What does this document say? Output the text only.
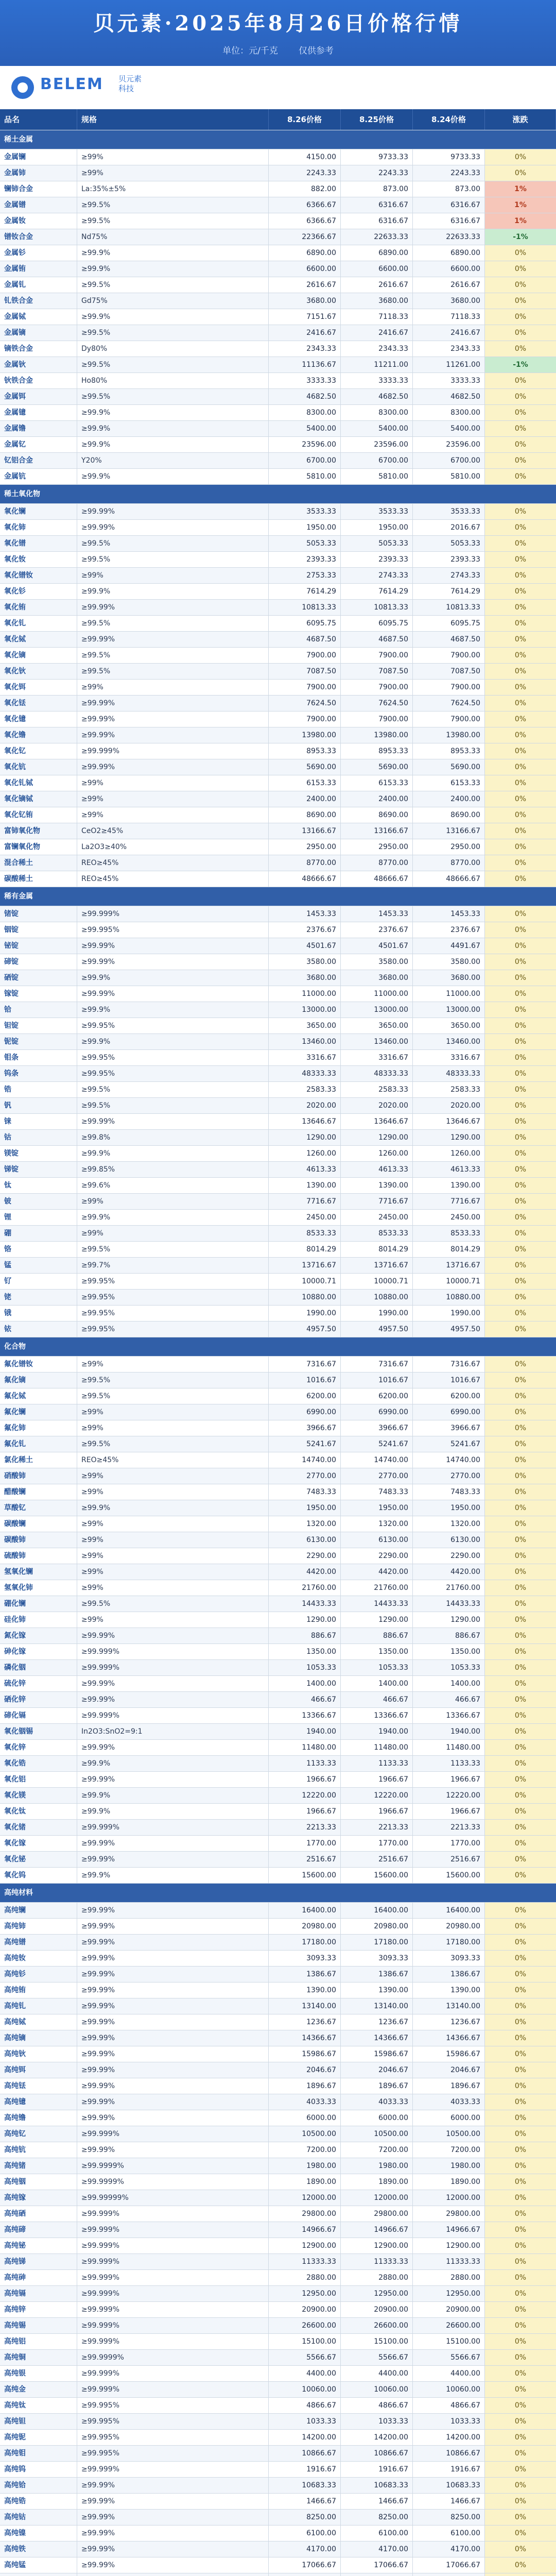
贝元素·2025年8月26日价格行情
单位：元/千克 仅供参考
BELEM 贝元素
科技
品名	规格	8.26价格	8.25价格	8.24价格	涨跌
稀土金属
金属镧	≥99%	4150.00	9733.33	9733.33	0%
金属铈	≥99%	2243.33	2243.33	2243.33	0%
镧铈合金	La:35%±5%	882.00	873.00	873.00	1%
金属镨	≥99.5%	6366.67	6316.67	6316.67	1%
金属钕	≥99.5%	6366.67	6316.67	6316.67	1%
镨钕合金	Nd75%	22366.67	22633.33	22633.33	-1%
金属钐	≥99.9%	6890.00	6890.00	6890.00	0%
金属铕	≥99.9%	6600.00	6600.00	6600.00	0%
金属钆	≥99.5%	2616.67	2616.67	2616.67	0%
钆铁合金	Gd75%	3680.00	3680.00	3680.00	0%
金属铽	≥99.9%	7151.67	7118.33	7118.33	0%
金属镝	≥99.5%	2416.67	2416.67	2416.67	0%
镝铁合金	Dy80%	2343.33	2343.33	2343.33	0%
金属钬	≥99.5%	11136.67	11211.00	11261.00	-1%
钬铁合金	Ho80%	3333.33	3333.33	3333.33	0%
金属铒	≥99.5%	4682.50	4682.50	4682.50	0%
金属镱	≥99.9%	8300.00	8300.00	8300.00	0%
金属镥	≥99.9%	5400.00	5400.00	5400.00	0%
金属钇	≥99.9%	23596.00	23596.00	23596.00	0%
钇铝合金	Y20%	6700.00	6700.00	6700.00	0%
金属钪	≥99.9%	5810.00	5810.00	5810.00	0%
稀土氧化物
氧化镧	≥99.99%	3533.33	3533.33	3533.33	0%
氧化铈	≥99.99%	1950.00	1950.00	2016.67	0%
氧化镨	≥99.5%	5053.33	5053.33	5053.33	0%
氧化钕	≥99.5%	2393.33	2393.33	2393.33	0%
氧化镨钕	≥99%	2753.33	2743.33	2743.33	0%
氧化钐	≥99.9%	7614.29	7614.29	7614.29	0%
氧化铕	≥99.99%	10813.33	10813.33	10813.33	0%
氧化钆	≥99.5%	6095.75	6095.75	6095.75	0%
氧化铽	≥99.99%	4687.50	4687.50	4687.50	0%
氧化镝	≥99.5%	7900.00	7900.00	7900.00	0%
氧化钬	≥99.5%	7087.50	7087.50	7087.50	0%
氧化铒	≥99%	7900.00	7900.00	7900.00	0%
氧化铥	≥99.99%	7624.50	7624.50	7624.50	0%
氧化镱	≥99.99%	7900.00	7900.00	7900.00	0%
氧化镥	≥99.99%	13980.00	13980.00	13980.00	0%
氧化钇	≥99.999%	8953.33	8953.33	8953.33	0%
氧化钪	≥99.99%	5690.00	5690.00	5690.00	0%
氧化钆铽	≥99%	6153.33	6153.33	6153.33	0%
氧化镝铽	≥99%	2400.00	2400.00	2400.00	0%
氧化钇铕	≥99%	8690.00	8690.00	8690.00	0%
富铈氧化物	CeO2≥45%	13166.67	13166.67	13166.67	0%
富镧氧化物	La2O3≥40%	2950.00	2950.00	2950.00	0%
混合稀土	REO≥45%	8770.00	8770.00	8770.00	0%
碳酸稀土	REO≥45%	48666.67	48666.67	48666.67	0%
稀有金属
锗锭	≥99.999%	1453.33	1453.33	1453.33	0%
铟锭	≥99.995%	2376.67	2376.67	2376.67	0%
铋锭	≥99.99%	4501.67	4501.67	4491.67	0%
碲锭	≥99.99%	3580.00	3580.00	3580.00	0%
硒锭	≥99.9%	3680.00	3680.00	3680.00	0%
镓锭	≥99.99%	11000.00	11000.00	11000.00	0%
铪	≥99.9%	13000.00	13000.00	13000.00	0%
钽锭	≥99.95%	3650.00	3650.00	3650.00	0%
铌锭	≥99.9%	13460.00	13460.00	13460.00	0%
钼条	≥99.95%	3316.67	3316.67	3316.67	0%
钨条	≥99.95%	48333.33	48333.33	48333.33	0%
锆	≥99.5%	2583.33	2583.33	2583.33	0%
钒	≥99.5%	2020.00	2020.00	2020.00	0%
铼	≥99.99%	13646.67	13646.67	13646.67	0%
钴	≥99.8%	1290.00	1290.00	1290.00	0%
镁锭	≥99.9%	1260.00	1260.00	1260.00	0%
锑锭	≥99.85%	4613.33	4613.33	4613.33	0%
钛	≥99.6%	1390.00	1390.00	1390.00	0%
铍	≥99%	7716.67	7716.67	7716.67	0%
锂	≥99.9%	2450.00	2450.00	2450.00	0%
硼	≥99%	8533.33	8533.33	8533.33	0%
铬	≥99.5%	8014.29	8014.29	8014.29	0%
锰	≥99.7%	13716.67	13716.67	13716.67	0%
钌	≥99.95%	10000.71	10000.71	10000.71	0%
铑	≥99.95%	10880.00	10880.00	10880.00	0%
锇	≥99.95%	1990.00	1990.00	1990.00	0%
铱	≥99.95%	4957.50	4957.50	4957.50	0%
化合物
氟化镨钕	≥99%	7316.67	7316.67	7316.67	0%
氟化镝	≥99.5%	1016.67	1016.67	1016.67	0%
氟化铽	≥99.5%	6200.00	6200.00	6200.00	0%
氟化镧	≥99%	6990.00	6990.00	6990.00	0%
氟化铈	≥99%	3966.67	3966.67	3966.67	0%
氟化钆	≥99.5%	5241.67	5241.67	5241.67	0%
氯化稀土	REO≥45%	14740.00	14740.00	14740.00	0%
硝酸铈	≥99%	2770.00	2770.00	2770.00	0%
醋酸镧	≥99%	7483.33	7483.33	7483.33	0%
草酸钇	≥99.9%	1950.00	1950.00	1950.00	0%
碳酸镧	≥99%	1320.00	1320.00	1320.00	0%
碳酸铈	≥99%	6130.00	6130.00	6130.00	0%
硫酸铈	≥99%	2290.00	2290.00	2290.00	0%
氢氧化镧	≥99%	4420.00	4420.00	4420.00	0%
氢氧化铈	≥99%	21760.00	21760.00	21760.00	0%
硼化镧	≥99.5%	14433.33	14433.33	14433.33	0%
硅化铈	≥99%	1290.00	1290.00	1290.00	0%
氮化镓	≥99.99%	886.67	886.67	886.67	0%
砷化镓	≥99.999%	1350.00	1350.00	1350.00	0%
磷化铟	≥99.999%	1053.33	1053.33	1053.33	0%
硫化锌	≥99.99%	1400.00	1400.00	1400.00	0%
硒化锌	≥99.99%	466.67	466.67	466.67	0%
碲化镉	≥99.999%	13366.67	13366.67	13366.67	0%
氧化铟锡	In2O3:SnO2=9:1	1940.00	1940.00	1940.00	0%
氧化锌	≥99.99%	11480.00	11480.00	11480.00	0%
氧化锆	≥99.9%	1133.33	1133.33	1133.33	0%
氧化铝	≥99.99%	1966.67	1966.67	1966.67	0%
氧化镁	≥99.9%	12220.00	12220.00	12220.00	0%
氧化钛	≥99.9%	1966.67	1966.67	1966.67	0%
氧化锗	≥99.999%	2213.33	2213.33	2213.33	0%
氧化镓	≥99.99%	1770.00	1770.00	1770.00	0%
氧化铋	≥99.99%	2516.67	2516.67	2516.67	0%
氧化钨	≥99.9%	15600.00	15600.00	15600.00	0%
高纯材料
高纯镧	≥99.99%	16400.00	16400.00	16400.00	0%
高纯铈	≥99.99%	20980.00	20980.00	20980.00	0%
高纯镨	≥99.99%	17180.00	17180.00	17180.00	0%
高纯钕	≥99.99%	3093.33	3093.33	3093.33	0%
高纯钐	≥99.99%	1386.67	1386.67	1386.67	0%
高纯铕	≥99.99%	1390.00	1390.00	1390.00	0%
高纯钆	≥99.99%	13140.00	13140.00	13140.00	0%
高纯铽	≥99.99%	1236.67	1236.67	1236.67	0%
高纯镝	≥99.99%	14366.67	14366.67	14366.67	0%
高纯钬	≥99.99%	15986.67	15986.67	15986.67	0%
高纯铒	≥99.99%	2046.67	2046.67	2046.67	0%
高纯铥	≥99.99%	1896.67	1896.67	1896.67	0%
高纯镱	≥99.99%	4033.33	4033.33	4033.33	0%
高纯镥	≥99.99%	6000.00	6000.00	6000.00	0%
高纯钇	≥99.999%	10500.00	10500.00	10500.00	0%
高纯钪	≥99.99%	7200.00	7200.00	7200.00	0%
高纯锗	≥99.9999%	1980.00	1980.00	1980.00	0%
高纯铟	≥99.9999%	1890.00	1890.00	1890.00	0%
高纯镓	≥99.99999%	12000.00	12000.00	12000.00	0%
高纯硒	≥99.999%	29800.00	29800.00	29800.00	0%
高纯碲	≥99.999%	14966.67	14966.67	14966.67	0%
高纯铋	≥99.999%	12900.00	12900.00	12900.00	0%
高纯锑	≥99.999%	11333.33	11333.33	11333.33	0%
高纯砷	≥99.999%	2880.00	2880.00	2880.00	0%
高纯镉	≥99.999%	12950.00	12950.00	12950.00	0%
高纯锌	≥99.999%	20900.00	20900.00	20900.00	0%
高纯锡	≥99.999%	26600.00	26600.00	26600.00	0%
高纯铝	≥99.999%	15100.00	15100.00	15100.00	0%
高纯铜	≥99.9999%	5566.67	5566.67	5566.67	0%
高纯银	≥99.999%	4400.00	4400.00	4400.00	0%
高纯金	≥99.999%	10060.00	10060.00	10060.00	0%
高纯钛	≥99.995%	4866.67	4866.67	4866.67	0%
高纯钽	≥99.995%	1033.33	1033.33	1033.33	0%
高纯铌	≥99.995%	14200.00	14200.00	14200.00	0%
高纯钼	≥99.995%	10866.67	10866.67	10866.67	0%
高纯钨	≥99.999%	1916.67	1916.67	1916.67	0%
高纯铪	≥99.99%	10683.33	10683.33	10683.33	0%
高纯锆	≥99.99%	1466.67	1466.67	1466.67	0%
高纯钴	≥99.99%	8250.00	8250.00	8250.00	0%
高纯镍	≥99.99%	6100.00	6100.00	6100.00	0%
高纯铁	≥99.99%	4170.00	4170.00	4170.00	0%
高纯锰	≥99.99%	17066.67	17066.67	17066.67	0%
